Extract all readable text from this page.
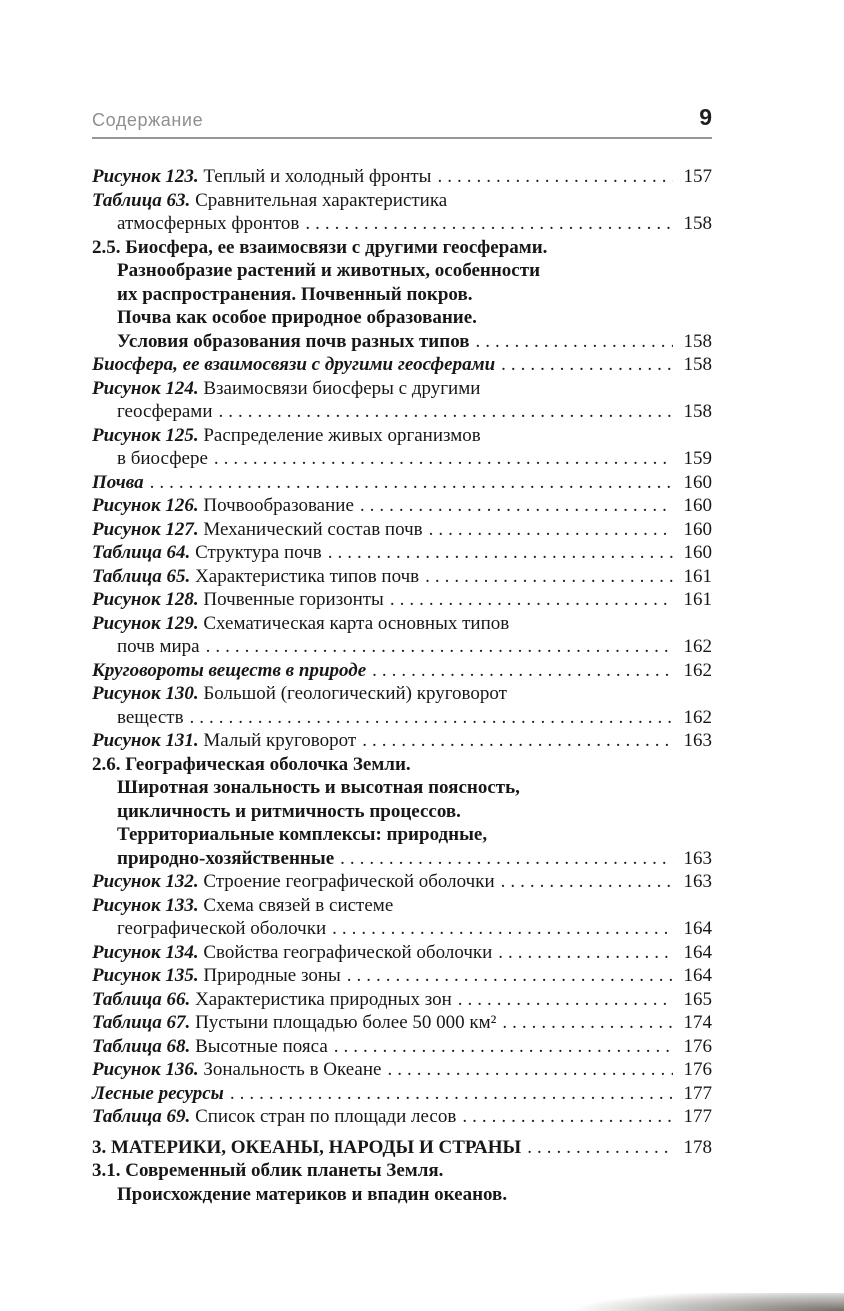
Содержание	9
Рисунок 123. Теплый и холодный фронты .....	157
Таблица 63. Сравнительная характеристика
атмосферных фронтов .....	158
2.5. Биосфера, ее взаимосвязи с другими геосферами.
Разнообразие растений и животных, особенности
их распространения. Почвенный покров.
Почва как особое природное образование.
Условия образования почв разных типов .....	158
Биосфера, ее взаимосвязи с другими геосферами .....	158
Рисунок 124. Взаимосвязи биосферы с другими
геосферами .....	158
Рисунок 125. Распределение живых организмов
в биосфере .....	159
Почва .....	160
Рисунок 126. Почвообразование .....	160
Рисунок 127. Механический состав почв .....	160
Таблица 64. Структура почв .....	160
Таблица 65. Характеристика типов почв .....	161
Рисунок 128. Почвенные горизонты .....	161
Рисунок 129. Схематическая карта основных типов
почв мира .....	162
Круговороты веществ в природе .....	162
Рисунок 130. Большой (геологический) круговорот
веществ .....	162
Рисунок 131. Малый круговорот .....	163
2.6. Географическая оболочка Земли.
Широтная зональность и высотная поясность,
цикличность и ритмичность процессов.
Территориальные комплексы: природные,
природно-хозяйственные .....	163
Рисунок 132. Строение географической оболочки .....	163
Рисунок 133. Схема связей в системе
географической оболочки .....	164
Рисунок 134. Свойства географической оболочки .....	164
Рисунок 135. Природные зоны .....	164
Таблица 66. Характеристика природных зон .....	165
Таблица 67. Пустыни площадью более 50 000 км² .....	174
Таблица 68. Высотные пояса .....	176
Рисунок 136. Зональность в Океане .....	176
Лесные ресурсы .....	177
Таблица 69. Список стран по площади лесов .....	177
3. МАТЕРИКИ, ОКЕАНЫ, НАРОДЫ И СТРАНЫ .....	178
3.1. Современный облик планеты Земля.
Происхождение материков и впадин океанов.
